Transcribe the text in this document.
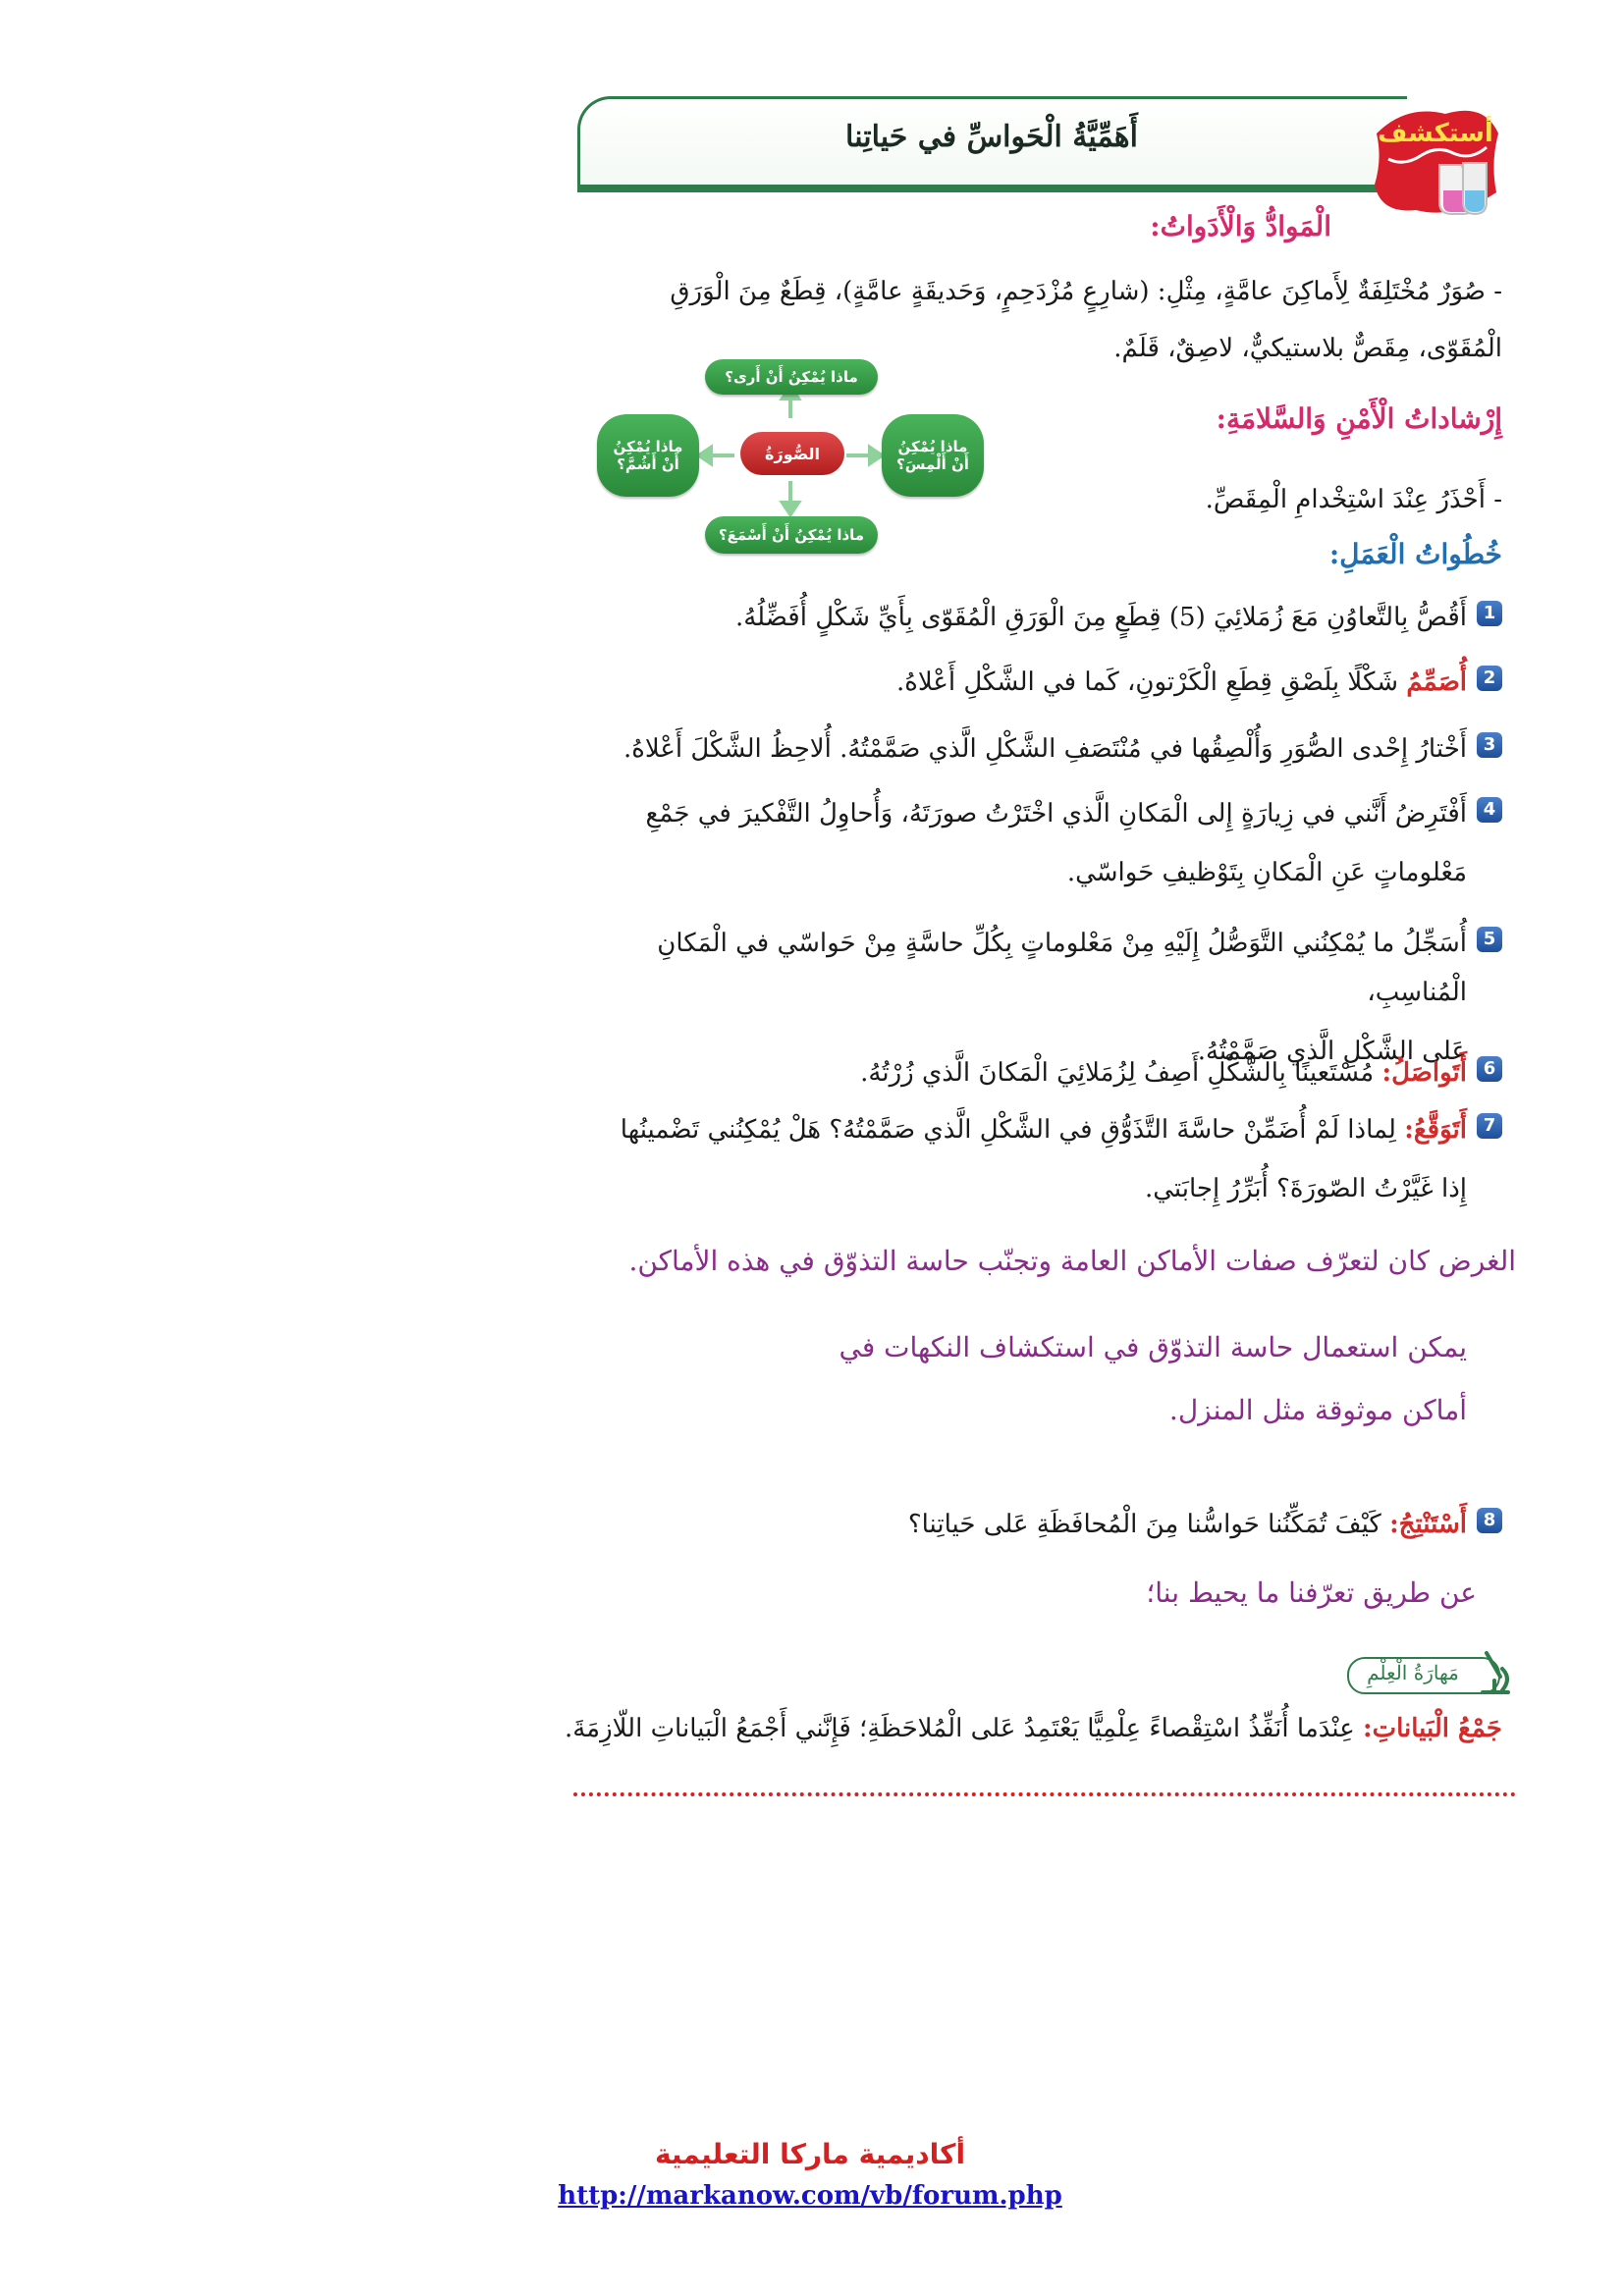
أَهَمِّيَّةُ الْحَواسِّ في حَياتِنا	أستكشف
الْمَوادُّ وَالْأَدَواتُ:
- صُوَرٌ مُخْتَلِفَةٌ لِأَماكِنَ عامَّةٍ، مِثْلِ: (شارِعٍ مُزْدَحِمٍ، وَحَديقَةٍ عامَّةٍ)، قِطَعٌ مِنَ الْوَرَقِ
الْمُقَوّى، مِقَصٌّ بلاستيكيٌّ، لاصِقٌ، قَلَمٌ.
إِرْشاداتُ الْأَمْنِ وَالسَّلامَةِ:
- أَحْذَرُ عِنْدَ اسْتِخْدامِ الْمِقَصِّ.
ماذا يُمْكِنُ أَنْ أَرى؟
ماذا يُمْكِنُ أَنْ أَسْمَعَ؟
ماذا يُمْكِنُ
أَنْ أَلْمِسَ؟
ماذا يُمْكِنُ
أَنْ أَشُمَّ؟
الصُّورَةُ
خُطُواتُ الْعَمَلِ:
1
أَقُصُّ بِالتَّعاوُنِ مَعَ زُمَلائِيَ (5) قِطَعٍ مِنَ الْوَرَقِ الْمُقَوّى بِأَيِّ شَكْلٍ أُفَضِّلُهُ.
2
أُصَمِّمُ شَكْلًا بِلَصْقِ قِطَعِ الْكَرْتونِ، كَما في الشَّكْلِ أَعْلاهُ.
3
أَخْتارُ إِحْدى الصُّوَرِ وَأُلْصِقُها في مُنْتَصَفِ الشَّكْلِ الَّذي صَمَّمْتُهُ. أُلاحِظُ الشَّكْلَ أَعْلاهُ.
4
أَفْتَرِضُ أَنَّني في زِيارَةٍ إِلى الْمَكانِ الَّذي اخْتَرْتُ صورَتَهُ، وَأُحاوِلُ التَّفْكيرَ في جَمْعِ
مَعْلوماتٍ عَنِ الْمَكانِ بِتَوْظيفِ حَواسّي.
5
أُسَجِّلُ ما يُمْكِنُني التَّوَصُّلُ إِلَيْهِ مِنْ مَعْلوماتٍ بِكُلِّ حاسَّةٍ مِنْ حَواسّي في الْمَكانِ الْمُناسِبِ،
عَلى الشَّكْلِ الَّذي صَمَّمْتُهُ.
6
أَتَواصَلُ: مُسْتَعينًا بِالشَّكْلِ أَصِفُ لِزُمَلائِيَ الْمَكانَ الَّذي زُرْتُهُ.
7
أَتَوَقَّعُ: لِماذا لَمْ أُضَمِّنْ حاسَّةَ التَّذَوُّقِ في الشَّكْلِ الَّذي صَمَّمْتُهُ؟ هَلْ يُمْكِنُني تَضْمينُها
إِذا غَيَّرْتُ الصّورَةَ؟ أُبَرِّرُ إِجابَتي.
الغرض كان لتعرّف صفات الأماكن العامة وتجنّب حاسة التذوّق في هذه الأماكن.
يمكن استعمال حاسة التذوّق في استكشاف النكهات في
أماكن موثوقة مثل المنزل.
8
أَسْتَنْتِجُ: كَيْفَ تُمَكِّنُنا حَواسُّنا مِنَ الْمُحافَظَةِ عَلى حَياتِنا؟
عن طريق تعرّفنا ما يحيط بنا؛
مَهارَةُ الْعِلْمِ
جَمْعُ الْبَياناتِ: عِنْدَما أُنَفِّذُ اسْتِقْصاءً عِلْمِيًّا يَعْتَمِدُ عَلى الْمُلاحَظَةِ؛ فَإِنَّني أَجْمَعُ الْبَياناتِ اللّازِمَةَ.
أكاديمية ماركا التعليمية
http://markanow.com/vb/forum.php
